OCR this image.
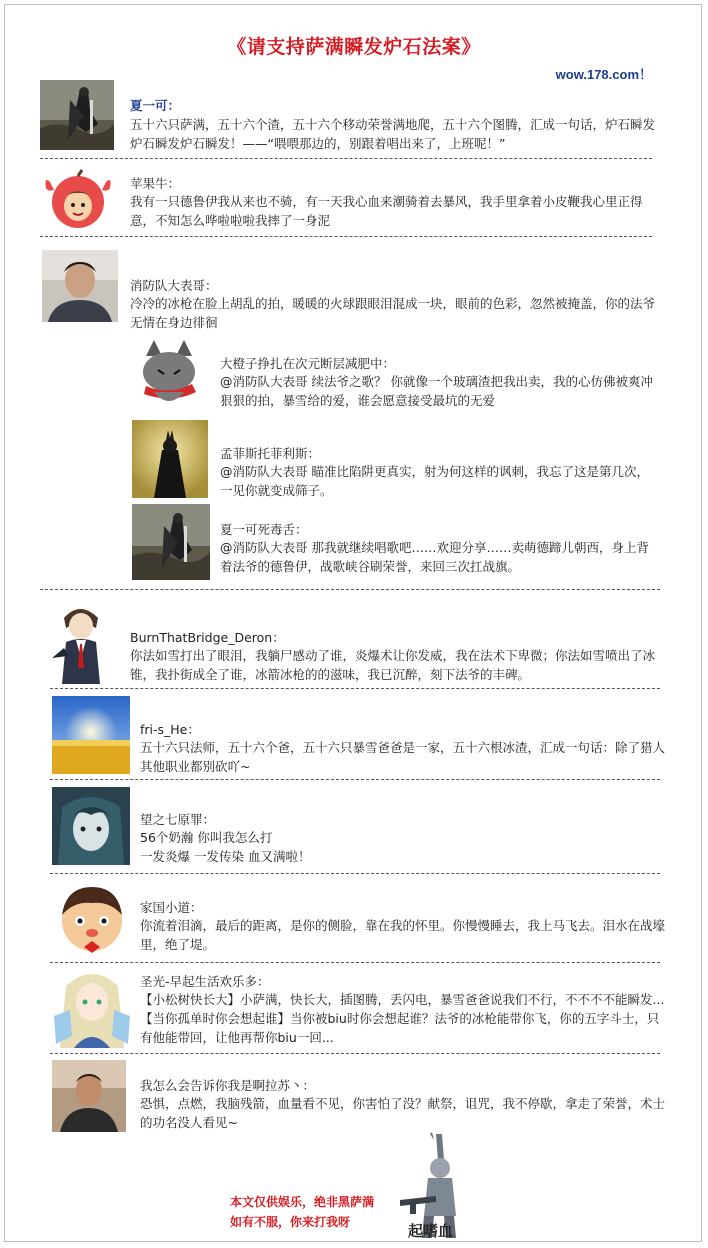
《请支持萨满瞬发炉石法案》
wow.178.com！
夏一可：
五十六只萨满，五十六个渣，五十六个移动荣誉满地爬，五十六个图腾，汇成一句话，炉石瞬发炉石瞬发炉石瞬发！——“喂喂那边的，别跟着唱出来了，上班呢！”
苹果牛：
我有一只德鲁伊我从来也不骑，有一天我心血来潮骑着去暴风，我手里拿着小皮鞭我心里正得意，不知怎么哗啦啦啦我摔了一身泥
消防队大表哥：
冷冷的冰枪在脸上胡乱的拍，暖暖的火球跟眼泪混成一块，眼前的色彩，忽然被掩盖，你的法爷无情在身边徘徊
大橙子挣扎在次元断层减肥中：
@消防队大表哥 续法爷之歌？ 你就像一个玻璃渣把我出卖，我的心仿佛被爽冲狠狠的拍，暴雪给的爱，谁会愿意接受最坑的无爱
孟菲斯托菲利斯：
@消防队大表哥 瞄准比陷阱更真实，射为何这样的讽刺，我忘了这是第几次，一见你就变成筛子。
夏一可死毒舌：
@消防队大表哥 那我就继续唱歌吧……欢迎分享……卖萌德蹄儿朝西，身上背着法爷的德鲁伊，战歌峡谷刷荣誉，来回三次扛战旗。
BurnThatBridge_Deron：
你法如雪打出了眼泪，我躺尸感动了谁，炎爆术让你发威，我在法术下卑微；你法如雪喷出了冰锥，我扑街成全了谁，冰箭冰枪的的滋味，我已沉醉，刻下法爷的丰碑。
fri-s_He：
五十六只法师，五十六个爸，五十六只暴雪爸爸是一家，五十六根冰渣，汇成一句话：除了猎人其他职业都别砍吖~
望之七原罪：
56个奶瀚 你叫我怎么打
一发炎爆 一发传染 血又满啦！
家国小道：
你流着泪滴，最后的距离，是你的侧脸，靠在我的怀里。你慢慢睡去，我上马飞去。泪水在战壕里，绝了堤。
圣光-早起生活欢乐多：
【小松树快长大】小萨满，快长大，插图腾，丢闪电，暴雪爸爸说我们不行，不不不不能瞬发...【当你孤单时你会想起谁】当你被biu时你会想起谁？法爷的冰枪能带你飞，你的五字斗士，只有他能带回，让他再帮你biu一回...
我怎么会告诉你我是啊拉苏丶：
恐惧，点燃，我脑残箭，血量看不见，你害怕了没？献祭，诅咒，我不停歇，拿走了荣誉，术士的功名没人看见~
本文仅供娱乐，绝非黑萨满
如有不服，你来打我呀	起嗜血
